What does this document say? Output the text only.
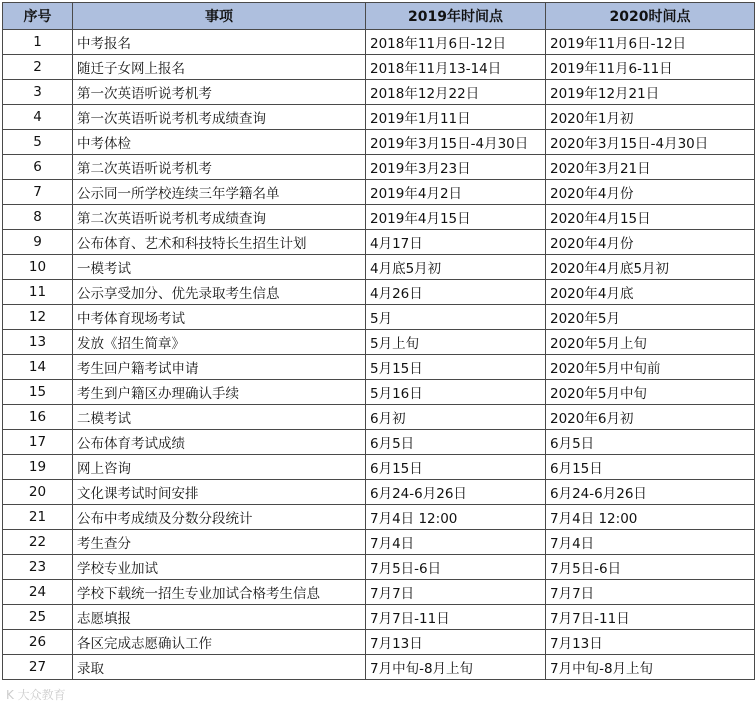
序号	事项	2019年时间点	2020时间点
1	中考报名	2018年11月6日-12日	2019年11月6日-12日
2	随迁子女网上报名	2018年11月13-14日	2019年11月6-11日
3	第一次英语听说考机考	2018年12月22日	2019年12月21日
4	第一次英语听说考机考成绩查询	2019年1月11日	2020年1月初
5	中考体检	2019年3月15日-4月30日	2020年3月15日-4月30日
6	第二次英语听说考机考	2019年3月23日	2020年3月21日
7	公示同一所学校连续三年学籍名单	2019年4月2日	2020年4月份
8	第二次英语听说考机考成绩查询	2019年4月15日	2020年4月15日
9	公布体育、艺术和科技特长生招生计划	4月17日	2020年4月份
10	一模考试	4月底5月初	2020年4月底5月初
11	公示享受加分、优先录取考生信息	4月26日	2020年4月底
12	中考体育现场考试	5月	2020年5月
13	发放《招生简章》	5月上旬	2020年5月上旬
14	考生回户籍考试申请	5月15日	2020年5月中旬前
15	考生到户籍区办理确认手续	5月16日	2020年5月中旬
16	二模考试	6月初	2020年6月初
17	公布体育考试成绩	6月5日	6月5日
19	网上咨询	6月15日	6月15日
20	文化课考试时间安排	6月24-6月26日	6月24-6月26日
21	公布中考成绩及分数分段统计	7月4日 12:00	7月4日 12:00
22	考生查分	7月4日	7月4日
23	学校专业加试	7月5日-6日	7月5日-6日
24	学校下载统一招生专业加试合格考生信息	7月7日	7月7日
25	志愿填报	7月7日-11日	7月7日-11日
26	各区完成志愿确认工作	7月13日	7月13日
27	录取	7月中旬-8月上旬	7月中旬-8月上旬
K 大众教育
